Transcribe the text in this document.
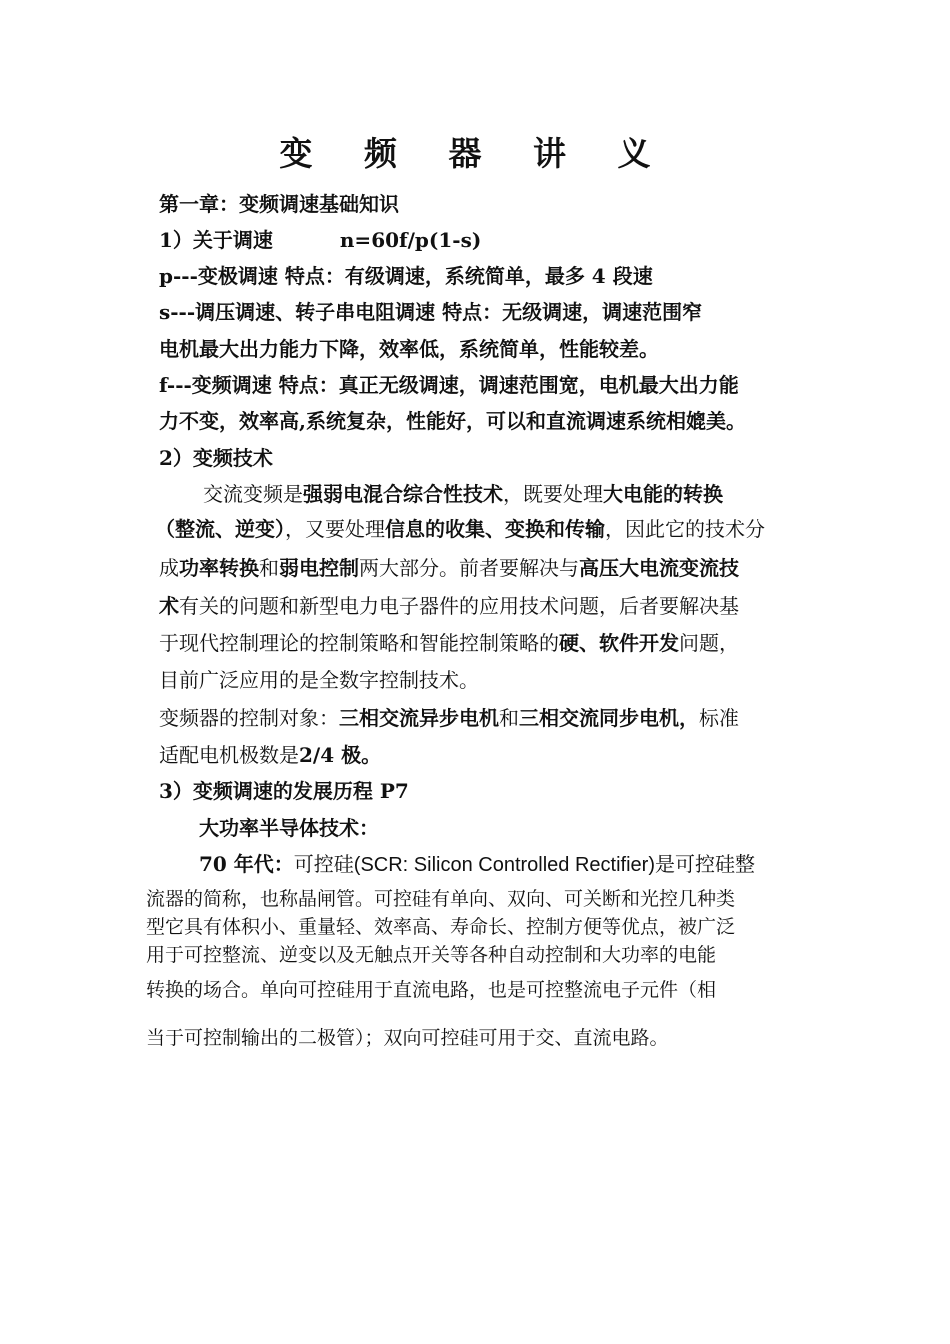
变 频 器 讲 义
第一章：变频调速基础知识
1）关于调速	n=60f/p(1-s)
p---变极调速 特点：有级调速，系统简单，最多 4 段速
s---调压调速、转子串电阻调速 特点：无级调速，调速范围窄
电机最大出力能力下降，效率低，系统简单，性能较差。
f---变频调速 特点：真正无级调速，调速范围宽，电机最大出力能
力不变，效率高,系统复杂，性能好，可以和直流调速系统相媲美。
2）变频技术
交流变频是强弱电混合综合性技术，既要处理大电能的转换
（整流、逆变），又要处理信息的收集、变换和传输，因此它的技术分
成功率转换和弱电控制两大部分。前者要解决与高压大电流变流技
术有关的问题和新型电力电子器件的应用技术问题，后者要解决基
于现代控制理论的控制策略和智能控制策略的硬、软件开发问题，
目前广泛应用的是全数字控制技术。
变频器的控制对象：三相交流异步电机和三相交流同步电机，标准
适配电机极数是2/4 极。
3）变频调速的发展历程 P7
大功率半导体技术：
70 年代：可控硅(SCR: Silicon Controlled Rectifier)是可控硅整
流器的简称，也称晶闸管。可控硅有单向、双向、可关断和光控几种类
型它具有体积小、重量轻、效率高、寿命长、控制方便等优点，被广泛
用于可控整流、逆变以及无触点开关等各种自动控制和大功率的电能
转换的场合。单向可控硅用于直流电路，也是可控整流电子元件（相
当于可控制输出的二极管）；双向可控硅可用于交、直流电路。
